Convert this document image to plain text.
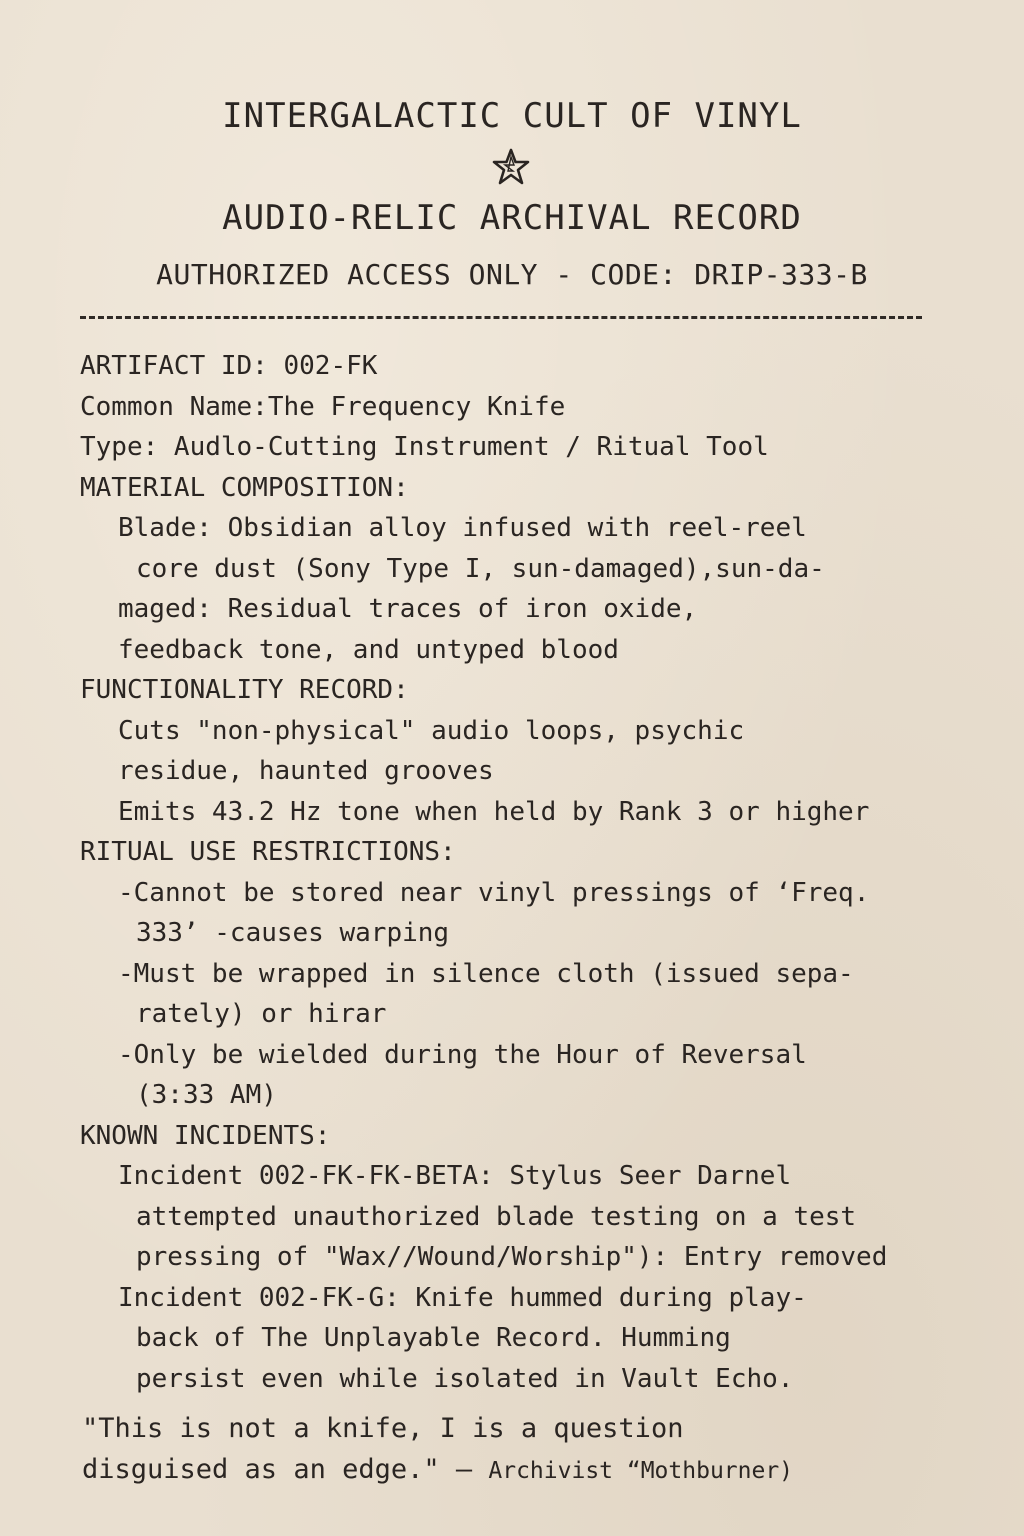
INTERGALACTIC CULT OF VINYL
AUDIO-RELIC ARCHIVAL RECORD
AUTHORIZED ACCESS ONLY - CODE: DRIP-333-B
ARTIFACT ID: 002-FK
Common Name:The Frequency Knife
Type: Audlo-Cutting Instrument / Ritual Tool
MATERIAL COMPOSITION:
Blade: Obsidian alloy infused with reel-reel
core dust (Sony Type I, sun-damaged),sun-da-
maged: Residual traces of iron oxide,
feedback tone, and untyped blood
FUNCTIONALITY RECORD:
Cuts "non-physical" audio loops, psychic
residue, haunted grooves
Emits 43.2 Hz tone when held by Rank 3 or higher
RITUAL USE RESTRICTIONS:
-Cannot be stored near vinyl pressings of ‘Freq.
333’ -causes warping
-Must be wrapped in silence cloth (issued sepa-
rately) or hirar
-Only be wielded during the Hour of Reversal
(3:33 AM)
KNOWN INCIDENTS:
Incident 002-FK-FK-BETA: Stylus Seer Darnel
attempted unauthorized blade testing on a test
pressing of "Wax//Wound/Worship"): Entry removed
Incident 002-FK-G: Knife hummed during play-
back of The Unplayable Record. Humming
persist even while isolated in Vault Echo.
"This is not a knife, I is a question
disguised as an edge." – Archivist “Mothburner)
